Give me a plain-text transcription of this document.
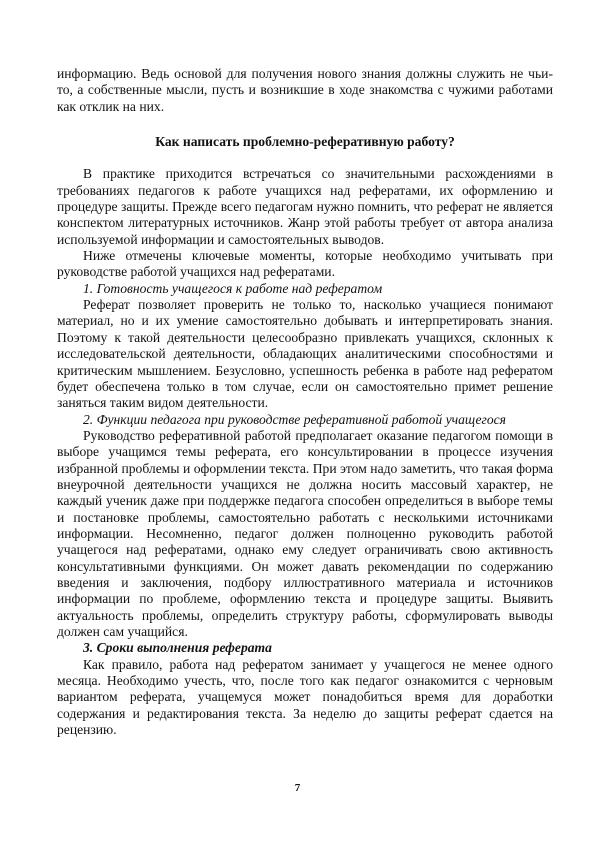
информацию. Ведь основой для получения нового знания должны служить не чьи-то, а собственные мысли, пусть и возникшие в ходе знакомства с чужими работами как отклик на них.

Как написать проблемно-реферативную работу?

В практике приходится встречаться со значительными расхождениями в требованиях педагогов к работе учащихся над рефератами, их оформлению и процедуре защиты. Прежде всего педагогам нужно помнить, что реферат не является конспектом литературных источников. Жанр этой работы требует от автора анализа используемой информации и самостоятельных выводов.

Ниже отмечены ключевые моменты, которые необходимо учитывать при руководстве работой учащихся над рефератами.

1. Готовность учащегося к работе над рефератом

Реферат позволяет проверить не только то, насколько учащиеся понимают материал, но и их умение самостоятельно добывать и интерпретировать знания. Поэтому к такой деятельности целесообразно привлекать учащихся, склонных к исследовательской деятельности, обладающих аналитическими способностями и критическим мышлением. Безусловно, успешность ребенка в работе над рефератом будет обеспечена только в том случае, если он самостоятельно примет решение заняться таким видом деятельности.

2. Функции педагога при руководстве реферативной работой учащегося

Руководство реферативной работой предполагает оказание педагогом помощи в выборе учащимся темы реферата, его консультировании в процессе изучения избранной проблемы и оформлении текста. При этом надо заметить, что такая форма внеурочной деятельности учащихся не должна носить массовый характер, не каждый ученик даже при поддержке педагога способен определиться в выборе темы и постановке проблемы, самостоятельно работать с несколькими источниками информации. Несомненно, педагог должен полноценно руководить работой учащегося над рефератами, однако ему следует ограничивать свою активность консультативными функциями. Он может давать рекомендации по содержанию введения и заключения, подбору иллюстративного материала и источников информации по проблеме, оформлению текста и процедуре защиты. Выявить актуальность проблемы, определить структуру работы, сформулировать выводы должен сам учащийся.

3. Сроки выполнения реферата

Как правило, работа над рефератом занимает у учащегося не менее одного месяца. Необходимо учесть, что, после того как педагог ознакомится с черновым вариантом реферата, учащемуся может понадобиться время для доработки содержания и редактирования текста. За неделю до защиты реферат сдается на рецензию.

7
